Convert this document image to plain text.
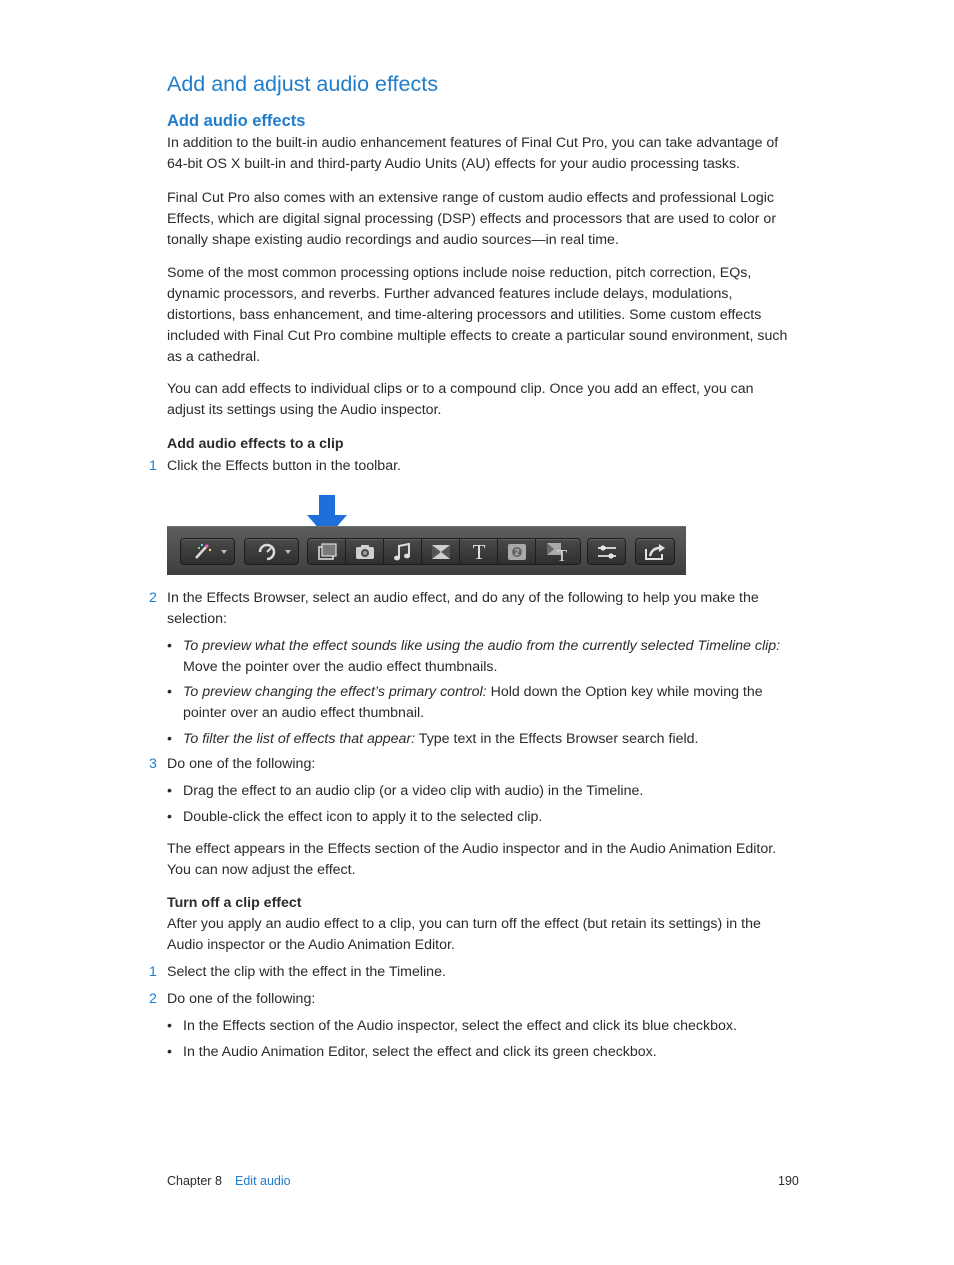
Add and adjust audio effects
Add audio effects
In addition to the built-in audio enhancement features of Final Cut Pro, you can take advantage of 64-bit OS X built-in and third-party Audio Units (AU) effects for your audio processing tasks.
Final Cut Pro also comes with an extensive range of custom audio effects and professional Logic Effects, which are digital signal processing (DSP) effects and processors that are used to color or tonally shape existing audio recordings and audio sources—in real time.
Some of the most common processing options include noise reduction, pitch correction, EQs, dynamic processors, and reverbs. Further advanced features include delays, modulations, distortions, bass enhancement, and time-altering processors and utilities. Some custom effects included with Final Cut Pro combine multiple effects to create a particular sound environment, such as a cathedral.
You can add effects to individual clips or to a compound clip. Once you add an effect, you can adjust its settings using the Audio inspector.
Add audio effects to a clip
1 Click the Effects button in the toolbar.
T	2 T
2 In the Effects Browser, select an audio effect, and do any of the following to help you make the selection:
• To preview what the effect sounds like using the audio from the currently selected Timeline clip: Move the pointer over the audio effect thumbnails.
• To preview changing the effect’s primary control: Hold down the Option key while moving the pointer over an audio effect thumbnail.
• To filter the list of effects that appear: Type text in the Effects Browser search field.
3 Do one of the following:
• Drag the effect to an audio clip (or a video clip with audio) in the Timeline.
• Double-click the effect icon to apply it to the selected clip.
The effect appears in the Effects section of the Audio inspector and in the Audio Animation Editor. You can now adjust the effect.
Turn off a clip effect
After you apply an audio effect to a clip, you can turn off the effect (but retain its settings) in the Audio inspector or the Audio Animation Editor.
1 Select the clip with the effect in the Timeline.
2 Do one of the following:
• In the Effects section of the Audio inspector, select the effect and click its blue checkbox.
• In the Audio Animation Editor, select the effect and click its green checkbox.
Chapter 8 Edit audio	190
